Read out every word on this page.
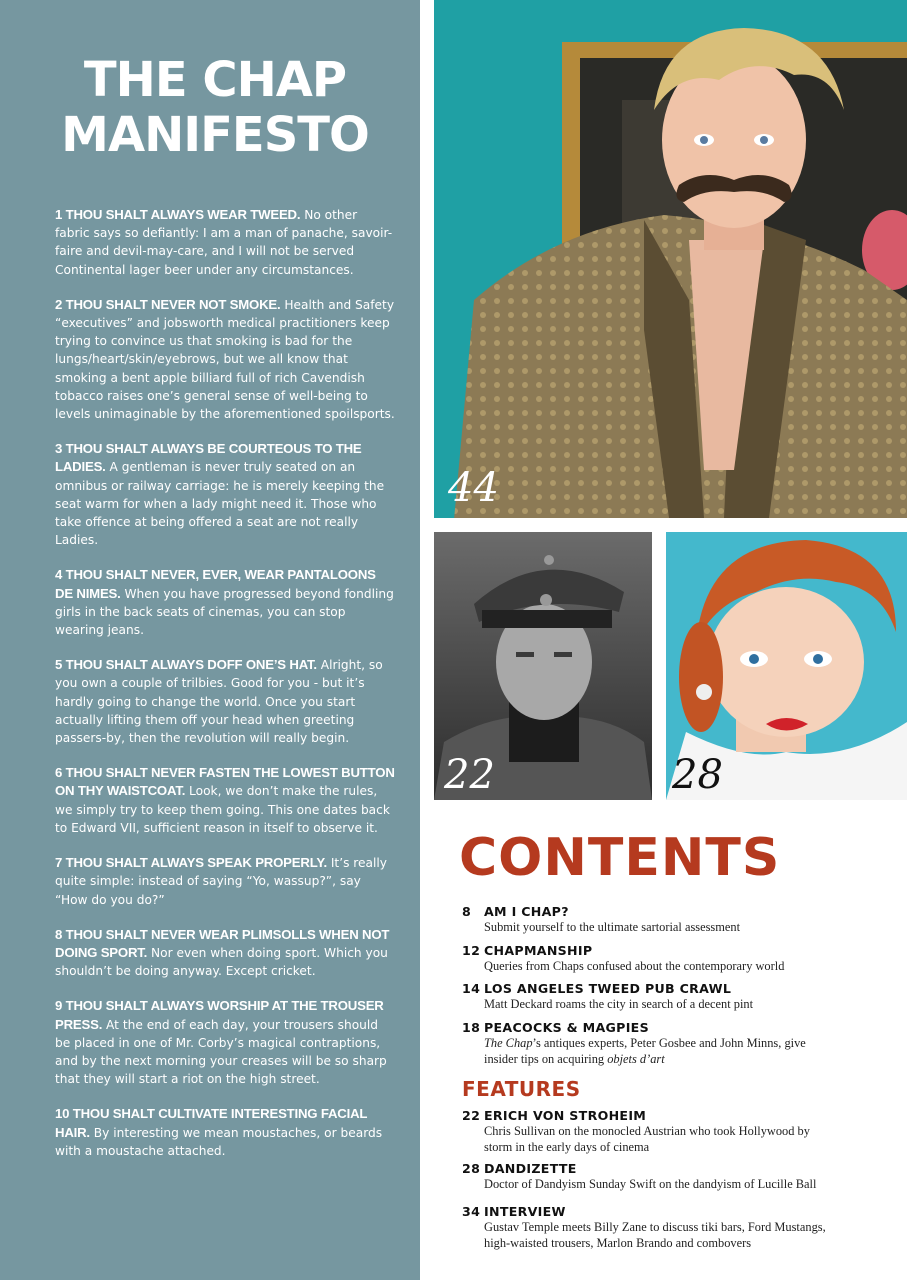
THE CHAP
MANIFESTO
1 THOU SHALT ALWAYS WEAR TWEED. No other fabric says so defiantly: I am a man of panache, savoir-faire and devil-may-care, and I will not be served Continental lager beer under any circumstances.
2 THOU SHALT NEVER NOT SMOKE. Health and Safety “executives” and jobsworth medical practitioners keep trying to convince us that smoking is bad for the lungs/heart/skin/eyebrows, but we all know that smoking a bent apple billiard full of rich Cavendish tobacco raises one’s general sense of well-being to levels unimaginable by the aforementioned spoilsports.
3 THOU SHALT ALWAYS BE COURTEOUS TO THE LADIES. A gentleman is never truly seated on an omnibus or railway carriage: he is merely keeping the seat warm for when a lady might need it. Those who take offence at being offered a seat are not really Ladies.
4 THOU SHALT NEVER, EVER, WEAR PANTALOONS DE NIMES. When you have progressed beyond fondling girls in the back seats of cinemas, you can stop wearing jeans.
5 THOU SHALT ALWAYS DOFF ONE’S HAT. Alright, so you own a couple of trilbies. Good for you - but it’s hardly going to change the world. Once you start actually lifting them off your head when greeting passers-by, then the revolution will really begin.
6 THOU SHALT NEVER FASTEN THE LOWEST BUTTON ON THY WAISTCOAT. Look, we don’t make the rules, we simply try to keep them going. This one dates back to Edward VII, sufficient reason in itself to observe it.
7 THOU SHALT ALWAYS SPEAK PROPERLY. It’s really quite simple: instead of saying “Yo, wassup?”, say “How do you do?”
8 THOU SHALT NEVER WEAR PLIMSOLLS WHEN NOT DOING SPORT. Nor even when doing sport. Which you shouldn’t be doing anyway. Except cricket.
9 THOU SHALT ALWAYS WORSHIP AT THE TROUSER PRESS. At the end of each day, your trousers should be placed in one of Mr. Corby’s magical contraptions, and by the next morning your creases will be so sharp that they will start a riot on the high street.
10 THOU SHALT CULTIVATE INTERESTING FACIAL HAIR. By interesting we mean moustaches, or beards with a moustache attached.
44
22	28
CONTENTS
8 AM I CHAP?
Submit yourself to the ultimate sartorial assessment
12 CHAPMANSHIP
Queries from Chaps confused about the contemporary world
14 LOS ANGELES TWEED PUB CRAWL
Matt Deckard roams the city in search of a decent pint
18 PEACOCKS & MAGPIES
The Chap’s antiques experts, Peter Gosbee and John Minns, give insider tips on acquiring objets d’art
FEATURES
22 ERICH VON STROHEIM
Chris Sullivan on the monocled Austrian who took Hollywood by storm in the early days of cinema
28 DANDIZETTE
Doctor of Dandyism Sunday Swift on the dandyism of Lucille Ball
34 INTERVIEW
Gustav Temple meets Billy Zane to discuss tiki bars, Ford Mustangs, high-waisted trousers, Marlon Brando and combovers
